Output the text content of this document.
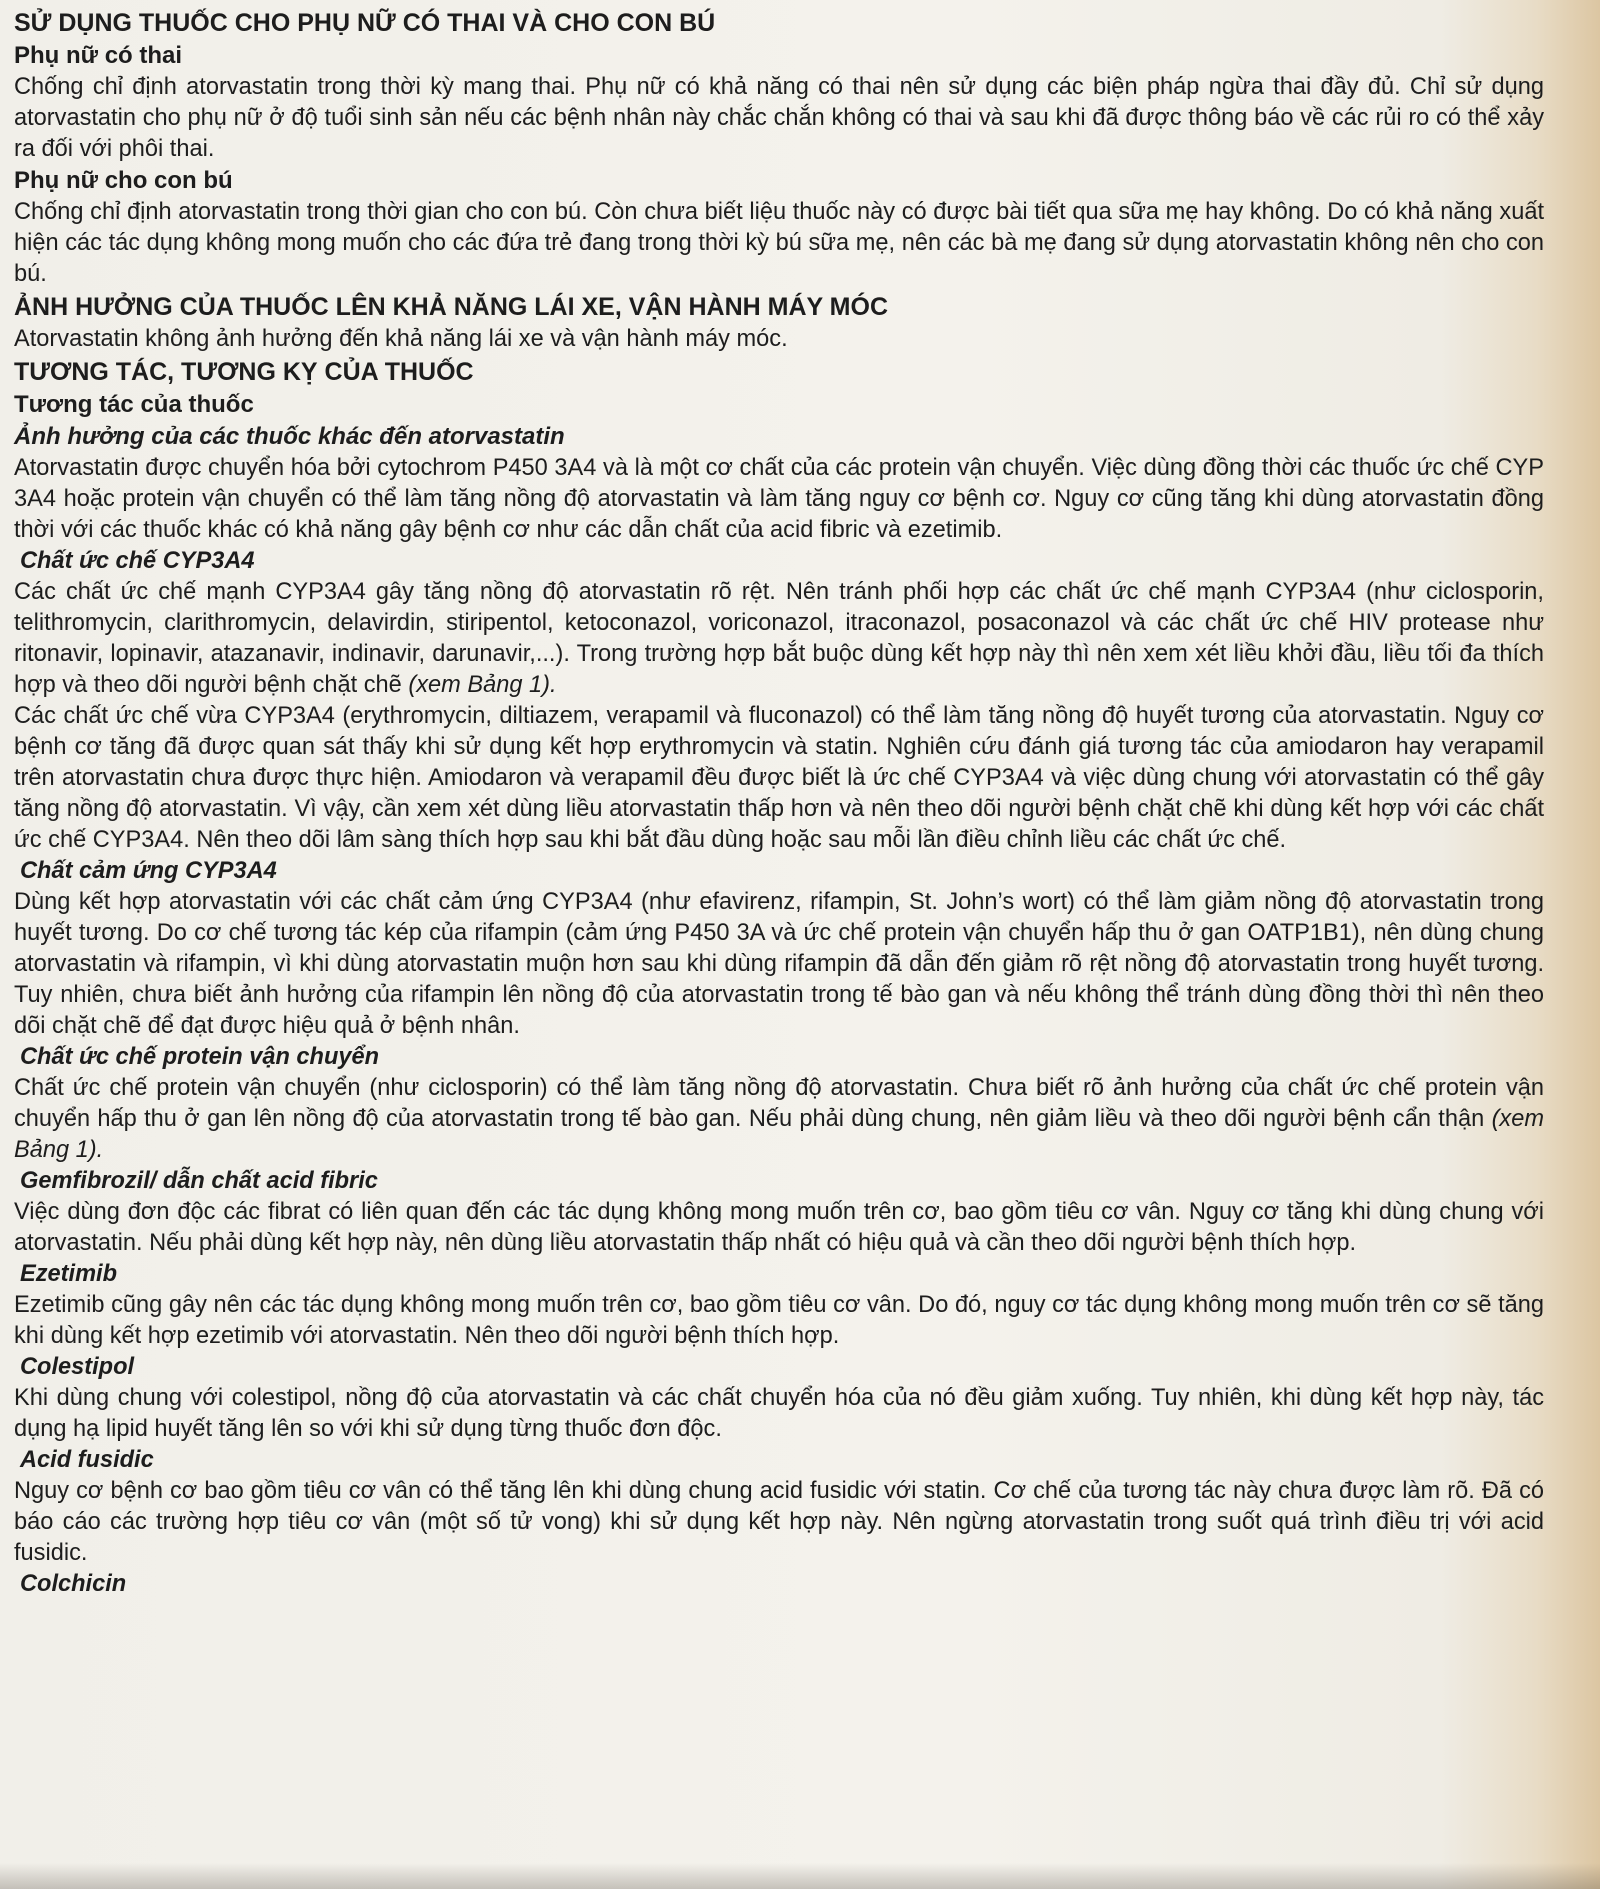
SỬ DỤNG THUỐC CHO PHỤ NỮ CÓ THAI VÀ CHO CON BÚ
Phụ nữ có thai

Chống chỉ định atorvastatin trong thời kỳ mang thai. Phụ nữ có khả năng có thai nên sử dụng các biện pháp ngừa thai đầy đủ. Chỉ sử dụng atorvastatin cho phụ nữ ở độ tuổi sinh sản nếu các bệnh nhân này chắc chắn không có thai và sau khi đã được thông báo về các rủi ro có thể xảy ra đối với phôi thai.

Phụ nữ cho con bú

Chống chỉ định atorvastatin trong thời gian cho con bú. Còn chưa biết liệu thuốc này có được bài tiết qua sữa mẹ hay không. Do có khả năng xuất hiện các tác dụng không mong muốn cho các đứa trẻ đang trong thời kỳ bú sữa mẹ, nên các bà mẹ đang sử dụng atorvastatin không nên cho con bú.

ẢNH HƯỞNG CỦA THUỐC LÊN KHẢ NĂNG LÁI XE, VẬN HÀNH MÁY MÓC

Atorvastatin không ảnh hưởng đến khả năng lái xe và vận hành máy móc.

TƯƠNG TÁC, TƯƠNG KỴ CỦA THUỐC
Tương tác của thuốc
Ảnh hưởng của các thuốc khác đến atorvastatin

Atorvastatin được chuyển hóa bởi cytochrom P450 3A4 và là một cơ chất của các protein vận chuyển. Việc dùng đồng thời các thuốc ức chế CYP 3A4 hoặc protein vận chuyển có thể làm tăng nồng độ atorvastatin và làm tăng nguy cơ bệnh cơ. Nguy cơ cũng tăng khi dùng atorvastatin đồng thời với các thuốc khác có khả năng gây bệnh cơ như các dẫn chất của acid fibric và ezetimib.

Chất ức chế CYP3A4

Các chất ức chế mạnh CYP3A4 gây tăng nồng độ atorvastatin rõ rệt. Nên tránh phối hợp các chất ức chế mạnh CYP3A4 (như ciclosporin, telithromycin, clarithromycin, delavirdin, stiripentol, ketoconazol, voriconazol, itraconazol, posaconazol và các chất ức chế HIV protease như ritonavir, lopinavir, atazanavir, indinavir, darunavir,...). Trong trường hợp bắt buộc dùng kết hợp này thì nên xem xét liều khởi đầu, liều tối đa thích hợp và theo dõi người bệnh chặt chẽ (xem Bảng 1).

Các chất ức chế vừa CYP3A4 (erythromycin, diltiazem, verapamil và fluconazol) có thể làm tăng nồng độ huyết tương của atorvastatin. Nguy cơ bệnh cơ tăng đã được quan sát thấy khi sử dụng kết hợp erythromycin và statin. Nghiên cứu đánh giá tương tác của amiodaron hay verapamil trên atorvastatin chưa được thực hiện. Amiodaron và verapamil đều được biết là ức chế CYP3A4 và việc dùng chung với atorvastatin có thể gây tăng nồng độ atorvastatin. Vì vậy, cần xem xét dùng liều atorvastatin thấp hơn và nên theo dõi người bệnh chặt chẽ khi dùng kết hợp với các chất ức chế CYP3A4. Nên theo dõi lâm sàng thích hợp sau khi bắt đầu dùng hoặc sau mỗi lần điều chỉnh liều các chất ức chế.

Chất cảm ứng CYP3A4

Dùng kết hợp atorvastatin với các chất cảm ứng CYP3A4 (như efavirenz, rifampin, St. John’s wort) có thể làm giảm nồng độ atorvastatin trong huyết tương. Do cơ chế tương tác kép của rifampin (cảm ứng P450 3A và ức chế protein vận chuyển hấp thu ở gan OATP1B1), nên dùng chung atorvastatin và rifampin, vì khi dùng atorvastatin muộn hơn sau khi dùng rifampin đã dẫn đến giảm rõ rệt nồng độ atorvastatin trong huyết tương. Tuy nhiên, chưa biết ảnh hưởng của rifampin lên nồng độ của atorvastatin trong tế bào gan và nếu không thể tránh dùng đồng thời thì nên theo dõi chặt chẽ để đạt được hiệu quả ở bệnh nhân.

Chất ức chế protein vận chuyển

Chất ức chế protein vận chuyển (như ciclosporin) có thể làm tăng nồng độ atorvastatin. Chưa biết rõ ảnh hưởng của chất ức chế protein vận chuyển hấp thu ở gan lên nồng độ của atorvastatin trong tế bào gan. Nếu phải dùng chung, nên giảm liều và theo dõi người bệnh cẩn thận (xem Bảng 1).

Gemfibrozil/ dẫn chất acid fibric

Việc dùng đơn độc các fibrat có liên quan đến các tác dụng không mong muốn trên cơ, bao gồm tiêu cơ vân. Nguy cơ tăng khi dùng chung với atorvastatin. Nếu phải dùng kết hợp này, nên dùng liều atorvastatin thấp nhất có hiệu quả và cần theo dõi người bệnh thích hợp.

Ezetimib

Ezetimib cũng gây nên các tác dụng không mong muốn trên cơ, bao gồm tiêu cơ vân. Do đó, nguy cơ tác dụng không mong muốn trên cơ sẽ tăng khi dùng kết hợp ezetimib với atorvastatin. Nên theo dõi người bệnh thích hợp.

Colestipol

Khi dùng chung với colestipol, nồng độ của atorvastatin và các chất chuyển hóa của nó đều giảm xuống. Tuy nhiên, khi dùng kết hợp này, tác dụng hạ lipid huyết tăng lên so với khi sử dụng từng thuốc đơn độc.

Acid fusidic

Nguy cơ bệnh cơ bao gồm tiêu cơ vân có thể tăng lên khi dùng chung acid fusidic với statin. Cơ chế của tương tác này chưa được làm rõ. Đã có báo cáo các trường hợp tiêu cơ vân (một số tử vong) khi sử dụng kết hợp này. Nên ngừng atorvastatin trong suốt quá trình điều trị với acid fusidic.

Colchicin
